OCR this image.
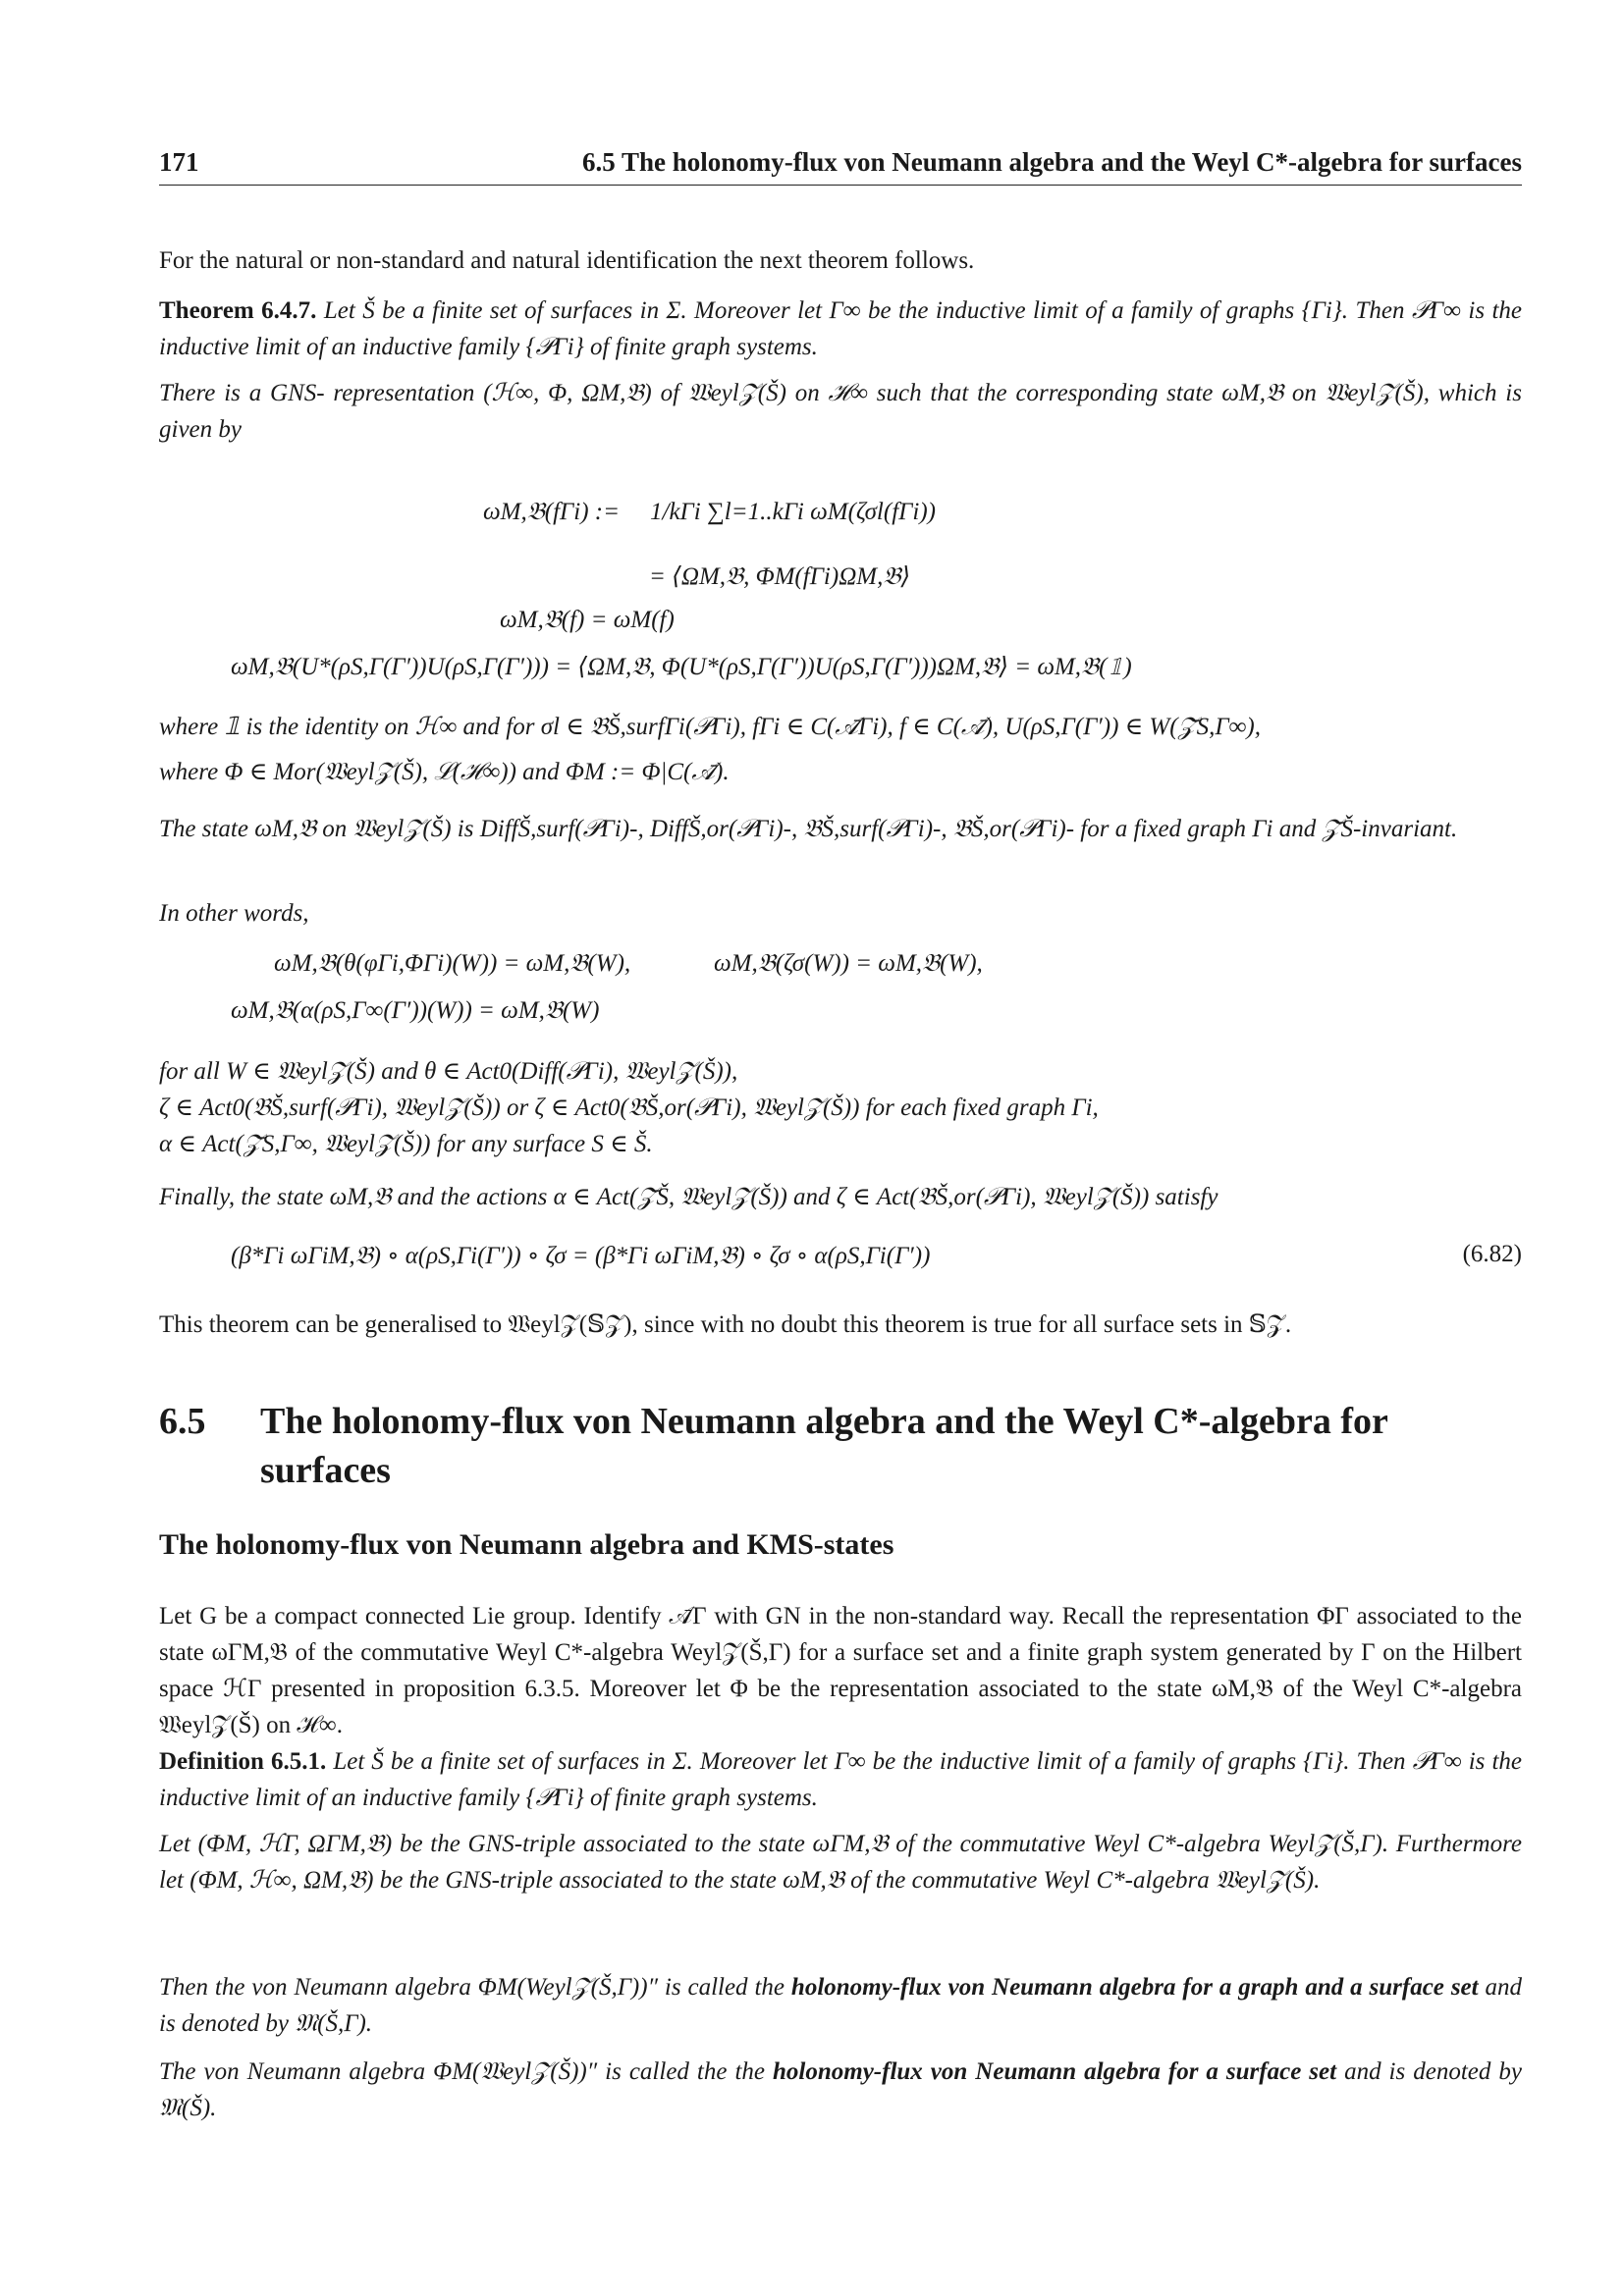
171	6.5 The holonomy-flux von Neumann algebra and the Weyl C*-algebra for surfaces
For the natural or non-standard and natural identification the next theorem follows.
Theorem 6.4.7. Let Š be a finite set of surfaces in Σ. Moreover let Γ∞ be the inductive limit of a family of graphs {Γi}. Then 𝒫Γ∞ is the inductive limit of an inductive family {𝒫Γi} of finite graph systems.
There is a GNS- representation (ℋ∞, Φ, ΩM,𝔅) of 𝔚eyl𝒵(Š) on ℋ∞ such that the corresponding state ωM,𝔅 on 𝔚eyl𝒵(Š), which is given by
ωM,𝔅(fΓi) := 1/kΓi ∑l=1..kΓi ωM(ζσl(fΓi))
= ⟨ΩM,𝔅, ΦM(fΓi)ΩM,𝔅⟩
ωM,𝔅(f) = ωM(f)
ωM,𝔅(U*(ρS,Γ(Γ′))U(ρS,Γ(Γ′))) = ⟨ΩM,𝔅, Φ(U*(ρS,Γ(Γ′))U(ρS,Γ(Γ′)))ΩM,𝔅⟩ = ωM,𝔅(𝟙)
where 𝟙 is the identity on ℋ∞ and for σl ∈ 𝔅Š,surfΓi(𝒫Γi), fΓi ∈ C(𝒜̄Γi), f ∈ C(𝒜̄), U(ρS,Γ(Γ′)) ∈ W(𝒵̄S,Γ∞),
where Φ ∈ Mor(𝔚eyl𝒵(Š), ℒ(ℋ∞)) and ΦM := Φ|C(𝒜̄).
The state ωM,𝔅 on 𝔚eyl𝒵(Š) is DiffŠ,surf(𝒫Γi)-, DiffŠ,or(𝒫Γi)-, 𝔅Š,surf(𝒫Γi)-, 𝔅Š,or(𝒫Γi)- for a fixed graph Γi and 𝒵̄Š-invariant.
In other words,
ωM,𝔅(θ(φΓi,ΦΓi)(W)) = ωM,𝔅(W),	ωM,𝔅(ζσ(W)) = ωM,𝔅(W),
ωM,𝔅(α(ρS,Γ∞(Γ′))(W)) = ωM,𝔅(W)
for all W ∈ 𝔚eyl𝒵(Š) and θ ∈ Act0(Diff(𝒫Γi), 𝔚eyl𝒵(Š)),
ζ ∈ Act0(𝔅Š,surf(𝒫Γi), 𝔚eyl𝒵(Š)) or ζ ∈ Act0(𝔅Š,or(𝒫Γi), 𝔚eyl𝒵(Š)) for each fixed graph Γi,
α ∈ Act(𝒵̄S,Γ∞, 𝔚eyl𝒵(Š)) for any surface S ∈ Š.
Finally, the state ωM,𝔅 and the actions α ∈ Act(𝒵̄Š, 𝔚eyl𝒵(Š)) and ζ ∈ Act(𝔅Š,or(𝒫Γi), 𝔚eyl𝒵(Š)) satisfy
(β*Γi ωΓiM,𝔅) ∘ α(ρS,Γi(Γ′)) ∘ ζσ = (β*Γi ωΓiM,𝔅) ∘ ζσ ∘ α(ρS,Γi(Γ′))	(6.82)
This theorem can be generalised to 𝔚eyl𝒵(𝕊𝒵), since with no doubt this theorem is true for all surface sets in 𝕊𝒵.
6.5 The holonomy-flux von Neumann algebra and the Weyl C*-algebra for surfaces
The holonomy-flux von Neumann algebra and KMS-states
Let G be a compact connected Lie group. Identify 𝒜̄Γ with GN in the non-standard way. Recall the representation ΦΓ associated to the state ωΓM,𝔅 of the commutative Weyl C*-algebra Weyl𝒵(Š,Γ) for a surface set and a finite graph system generated by Γ on the Hilbert space ℋΓ presented in proposition 6.3.5. Moreover let Φ be the representation associated to the state ωM,𝔅 of the Weyl C*-algebra 𝔚eyl𝒵(Š) on ℋ∞.
Definition 6.5.1. Let Š be a finite set of surfaces in Σ. Moreover let Γ∞ be the inductive limit of a family of graphs {Γi}. Then 𝒫Γ∞ is the inductive limit of an inductive family {𝒫Γi} of finite graph systems.
Let (ΦM, ℋΓ, ΩΓM,𝔅) be the GNS-triple associated to the state ωΓM,𝔅 of the commutative Weyl C*-algebra Weyl𝒵(Š,Γ). Furthermore let (ΦM, ℋ∞, ΩM,𝔅) be the GNS-triple associated to the state ωM,𝔅 of the commutative Weyl C*-algebra 𝔚eyl𝒵(Š).
Then the von Neumann algebra ΦM(Weyl𝒵(Š,Γ))″ is called the holonomy-flux von Neumann algebra for a graph and a surface set and is denoted by 𝔐(Š,Γ).
The von Neumann algebra ΦM(𝔚eyl𝒵(Š))″ is called the the holonomy-flux von Neumann algebra for a surface set and is denoted by 𝔐(Š).
